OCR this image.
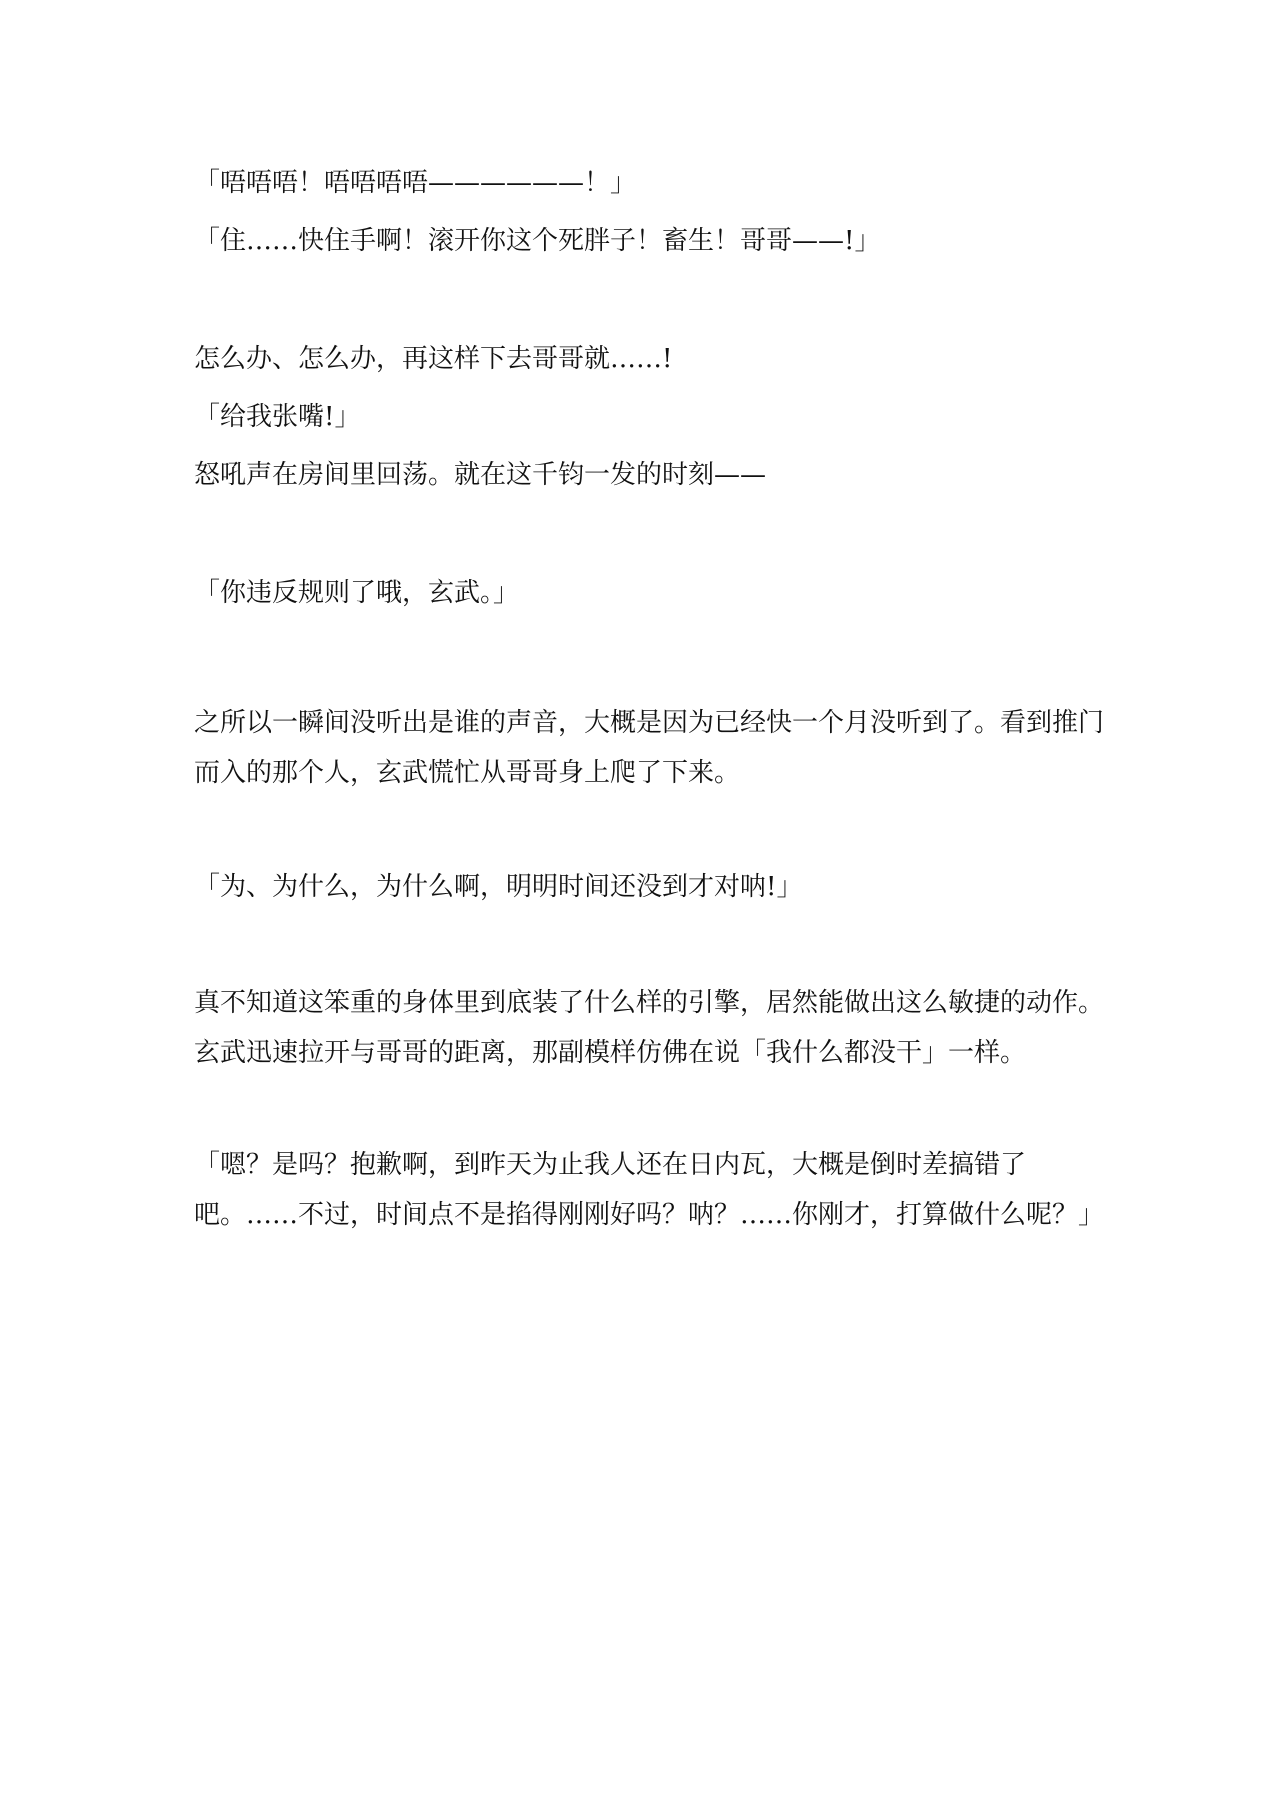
「唔唔唔！唔唔唔唔——————！」

「住……快住手啊！滚开你这个死胖子！畜生！哥哥——!」

怎么办、怎么办，再这样下去哥哥就……!

「给我张嘴!」

怒吼声在房间里回荡。就在这千钧一发的时刻——

「你违反规则了哦，玄武。」

之所以一瞬间没听出是谁的声音，大概是因为已经快一个月没听到了。看到推门而入的那个人，玄武慌忙从哥哥身上爬了下来。

「为、为什么，为什么啊，明明时间还没到才对呐!」

真不知道这笨重的身体里到底装了什么样的引擎，居然能做出这么敏捷的动作。玄武迅速拉开与哥哥的距离，那副模样仿佛在说「我什么都没干」一样。

「嗯？是吗？抱歉啊，到昨天为止我人还在日内瓦，大概是倒时差搞错了吧。……不过，时间点不是掐得刚刚好吗？呐？……你刚才，打算做什么呢？」
